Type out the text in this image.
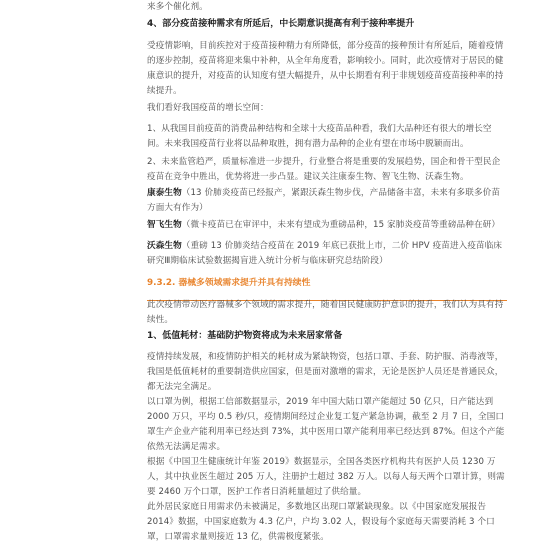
来多个催化剂。

4、部分疫苗接种需求有所延后，中长期意识提高有利于接种率提升

受疫情影响，目前疾控对于疫苗接种精力有所降低，部分疫苗的接种预计有所延后，随着疫情的逐步控制，疫苗将迎来集中补种，从全年角度看，影响较小。同时，此次疫情对于居民的健康意识的提升，对疫苗的认知度有望大幅提升，从中长期看有利于非规划疫苗疫苗接种率的持续提升。

我们看好我国疫苗的增长空间：

1、从我国目前疫苗的消费品种结构和全球十大疫苗品种看，我们大品种还有很大的增长空间。未来我国疫苗行业将以品种取胜，拥有潜力品种的企业有望在市场中脱颖而出。

2、未来监管趋严，质量标准进一步提升，行业整合将是重要的发展趋势，国企和骨干型民企疫苗在竞争中胜出，优势将进一步凸显。建议关注康泰生物、智飞生物、沃森生物。

康泰生物（13 价肺炎疫苗已经报产，紧跟沃森生物步伐，产品储备丰富，未来有多联多价苗方面大有作为）

智飞生物（微卡疫苗已在审评中，未来有望成为重磅品种，15 家肺炎疫苗等重磅品种在研）

沃森生物（重磅 13 价肺炎结合疫苗在 2019 年底已获批上市，二价 HPV 疫苗进入疫苗临床研究Ⅲ期临床试验数据揭盲进入统计分析与临床研究总结阶段）

9.3.2. 器械多领域需求提升并具有持续性

此次疫情带动医疗器械多个领域的需求提升，随着国民健康防护意识的提升，我们认为具有持续性。

1、低值耗材：基础防护物资将成为未来居家常备

疫情持续发展，和疫情防护相关的耗材成为紧缺物资，包括口罩、手套、防护服、消毒液等，我国是低值耗材的重要制造供应国家，但是面对激增的需求，无论是医护人员还是普通民众，都无法完全满足。

以口罩为例，根据工信部数据显示，2019 年中国大陆口罩产能超过 50 亿只，日产能达到 2000 万只，平均 0.5 秒/只，疫情期间经过企业复工复产紧急协调，截至 2 月 7 日，全国口罩生产企业产能利用率已经达到 73%，其中医用口罩产能利用率已经达到 87%。但这个产能依然无法满足需求。

根据《中国卫生健康统计年鉴 2019》数据显示，全国各类医疗机构共有医护人员 1230 万人，其中执业医生超过 205 万人，注册护士超过 382 万人。以每人每天两个口罩计算，则需要 2460 万个口罩，医护工作者日消耗量超过了供给量。

此外居民家庭日用需求仍未被满足，多数地区出现口罩紧缺现象。以《中国家庭发展报告 2014》数据，中国家庭数为 4.3 亿户，户均 3.02 人，假设每个家庭每天需要消耗 3 个口罩，口罩需求量则接近 13 亿，供需极度紧张。
